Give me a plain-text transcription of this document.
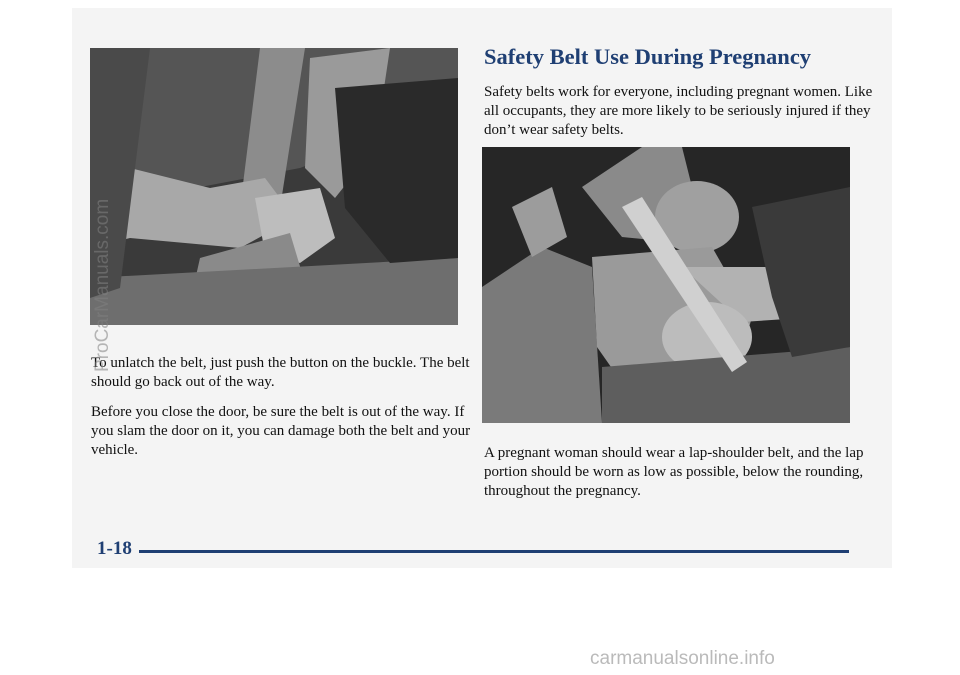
To unlatch the belt, just push the button on the buckle. The belt should go back out of the way.

Before you close the door, be sure the belt is out of the way. If you slam the door on it, you can damage both the belt and your vehicle.

Safety Belt Use During Pregnancy

Safety belts work for everyone, including pregnant women. Like all occupants, they are more likely to be seriously injured if they don’t wear safety belts.

A pregnant woman should wear a lap-shoulder belt, and the lap portion should be worn as low as possible, below the rounding, throughout the pregnancy.

1-18
ProCarManuals.com
carmanualsonline.info
